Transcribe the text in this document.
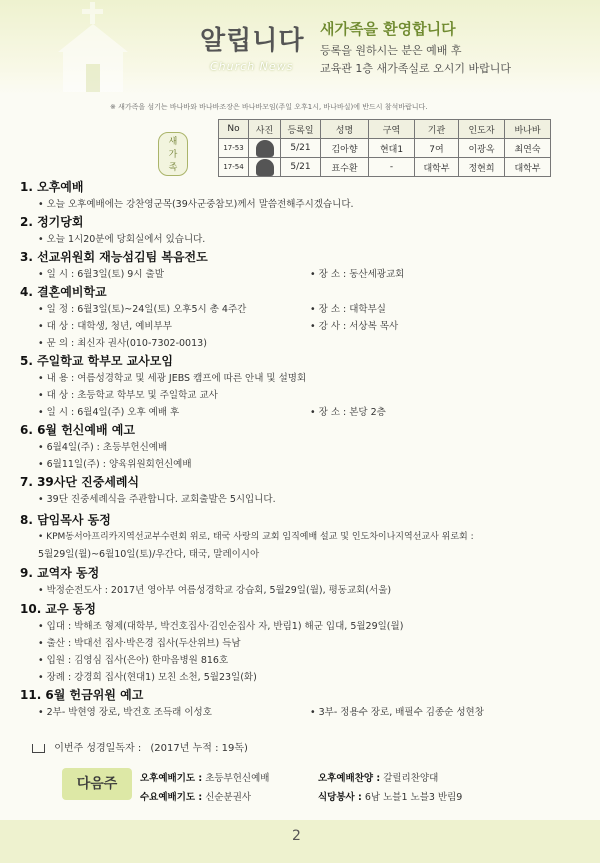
알립니다
Church News
새가족을 환영합니다
등록을 원하시는 분은 예배 후
교육관 1층 새가족실로 오시기 바랍니다
※ 새가족을 섬기는 바나바와 바나바조장은 바나바모임(주일 오후1시, 바나바실)에 반드시 참석바랍니다.
새
가
족
No	사진	등록일	성명	구역	기관	인도자	바나바
17-53		5/21	김아향	현대1	7여	이광옥	최연숙
17-54		5/21	표수환	-	대학부	정현희	대학부
1. 오후예배
• 오늘 오후예배에는 강찬영군목(39사군중참모)께서 말씀전해주시겠습니다.
2. 정기당회
• 오늘 1시20분에 당회실에서 있습니다.
3. 선교위원회 재능섬김팀 복음전도
• 일 시 : 6월3일(토) 9시 출발	• 장 소 : 동산세광교회
4. 결혼예비학교
• 일 정 : 6월3일(토)~24일(토) 오후5시 총 4주간	• 장 소 : 대학부실
• 대 상 : 대학생, 청년, 예비부부	• 강 사 : 서상복 목사
• 문 의 : 최신자 권사(010-7302-0013)
5. 주일학교 학부모 교사모임
• 내 용 : 여름성경학교 및 세광 JEBS 캠프에 따른 안내 및 설명회
• 대 상 : 초등학교 학부모 및 주일학교 교사
• 일 시 : 6월4일(주) 오후 예배 후	• 장 소 : 본당 2층
6. 6월 헌신예배 예고
• 6월4일(주) : 초등부헌신예배
• 6월11일(주) : 양육위원회헌신예배
7. 39사단 진중세례식
• 39단 진중세례식을 주관합니다. 교회출발은 5시입니다.
8. 담임목사 동정
• KPM동서아프리카지역선교부수련회 위로, 태국 사랑의 교회 임직예배 설교 및 인도차이나지역선교사 위로회 :
5월29일(월)~6월10일(토)/우간다, 태국, 말레이시아
9. 교역자 동정
• 박정순전도사 : 2017년 영아부 여름성경학교 강습회, 5월29일(월), 평동교회(서울)
10. 교우 동정
• 입대 : 박해조 형제(대학부, 박건호집사·김인순집사 자, 반림1) 해군 입대, 5월29일(월)
• 출산 : 박대선 집사·박은경 집사(두산위브) 득남
• 입원 : 김영심 집사(은아) 한마음병원 816호
• 장례 : 강경희 집사(현대1) 모친 소천, 5월23일(화)
11. 6월 헌금위원 예고
• 2부- 박현영 장로, 박건호 조득래 이성호	• 3부- 정용수 장로, 배필수 김종순 성현창
이번주 성경일독자 : (2017년 누적 : 19독)
다음주	오후예배기도 : 초등부헌신예배	오후예배찬양 : 갈릴리찬양대
수요예배기도 : 신순분권사	식당봉사 : 6남 노블1 노블3 반림9
2
